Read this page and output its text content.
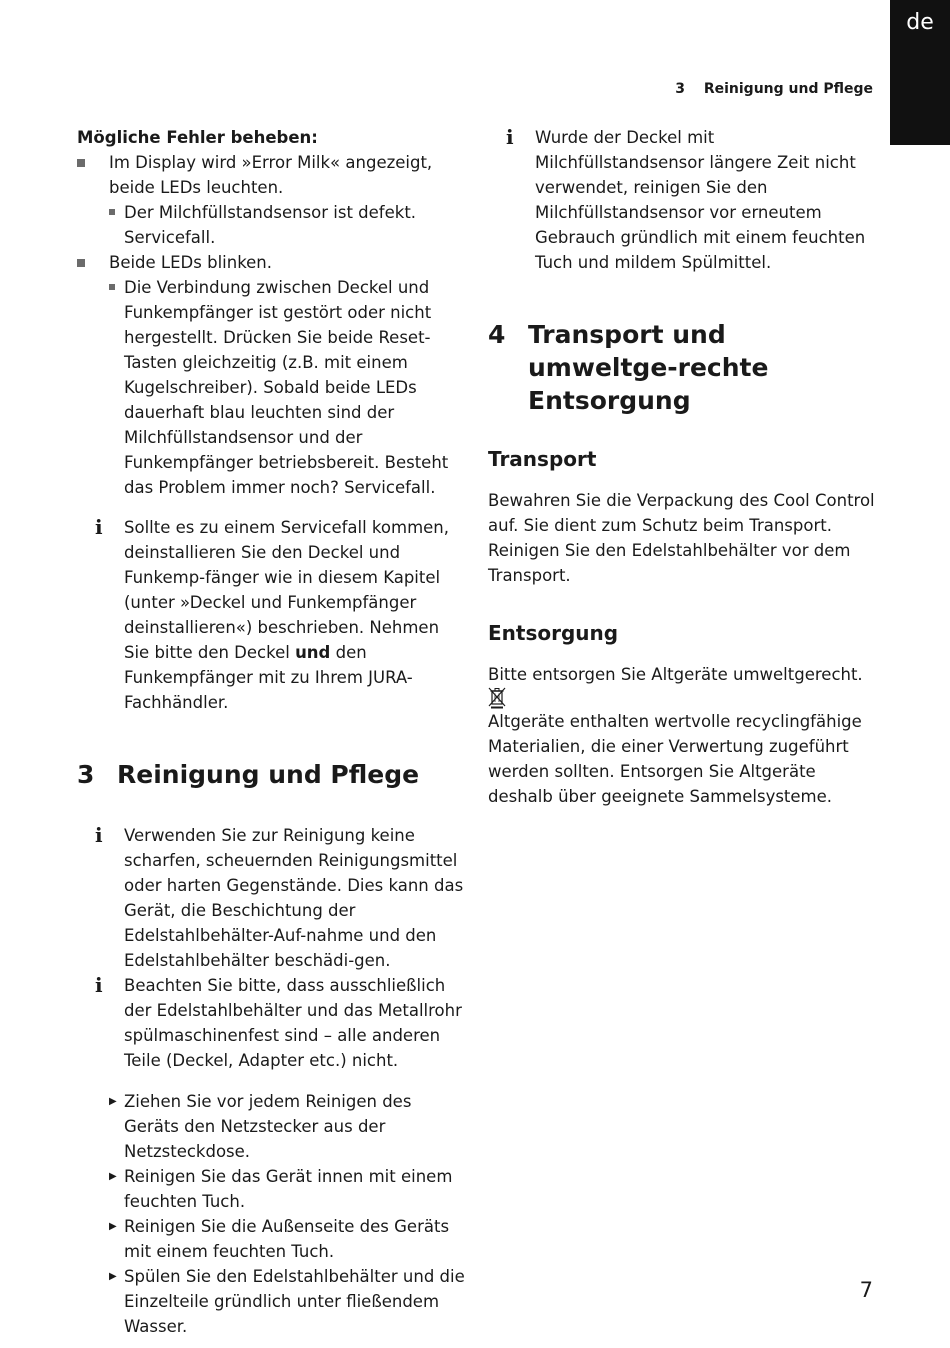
de
3 Reinigung und Pflege

Mögliche Fehler beheben:

Im Display wird »Error Milk« angezeigt, beide LEDs leuchten.

Der Milchfüllstandsensor ist defekt. Servicefall.

Beide LEDs blinken.

Die Verbindung zwischen Deckel und Funkempfänger ist gestört oder nicht hergestellt. Drücken Sie beide Reset-Tasten gleichzeitig (z.B. mit einem Kugelschreiber). Sobald beide LEDs dauerhaft blau leuchten sind der Milchfüllstandsensor und der Funkempfänger betriebsbereit. Besteht das Problem immer noch? Servicefall.

i Sollte es zu einem Servicefall kommen, deinstallieren Sie den Deckel und Funkemp-fänger wie in diesem Kapitel (unter »Deckel und Funkempfänger deinstallieren«) beschrieben. Nehmen Sie bitte den Deckel und den Funkempfänger mit zu Ihrem JURA-Fachhändler.

3 Reinigung und Pflege
i Verwenden Sie zur Reinigung keine scharfen, scheuernden Reinigungsmittel oder harten Gegenstände. Dies kann das Gerät, die Beschichtung der Edelstahlbehälter-Auf-nahme und den Edelstahlbehälter beschädi-gen.

i Beachten Sie bitte, dass ausschließlich der Edelstahlbehälter und das Metallrohr spülmaschinenfest sind – alle anderen Teile (Deckel, Adapter etc.) nicht.

▶ Ziehen Sie vor jedem Reinigen des Geräts den Netzstecker aus der Netzsteckdose.

▶ Reinigen Sie das Gerät innen mit einem feuchten Tuch.

▶ Reinigen Sie die Außenseite des Geräts mit einem feuchten Tuch.

▶ Spülen Sie den Edelstahlbehälter und die Einzelteile gründlich unter fließendem Wasser.

i Wurde der Deckel mit Milchfüllstandsensor längere Zeit nicht verwendet, reinigen Sie den Milchfüllstandsensor vor erneutem Gebrauch gründlich mit einem feuchten Tuch und mildem Spülmittel.

4 Transport und umweltge-rechte Entsorgung

Transport

Bewahren Sie die Verpackung des Cool Control auf. Sie dient zum Schutz beim Transport. Reinigen Sie den Edelstahlbehälter vor dem Transport.

Entsorgung

Bitte entsorgen Sie Altgeräte umweltgerecht.

Altgeräte enthalten wertvolle recyclingfähige Materialien, die einer Verwertung zugeführt werden sollten. Entsorgen Sie Altgeräte deshalb über geeignete Sammelsysteme.

7
